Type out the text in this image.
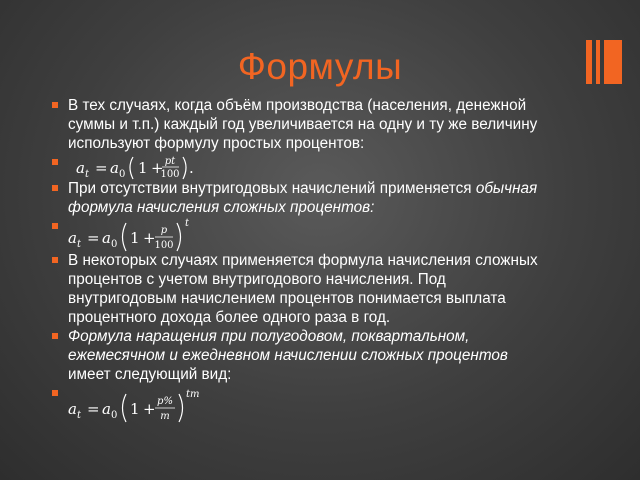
Формулы
В тех случаях, когда объём производства (населения, денежной суммы и т.п.) каждый год увеличивается на одну и ту же величину используют формулу простых процентов:
a t = a 0 1 + pt
100 .
При отсутствии внутригодовых начислений применяется обычная формула начисления сложных процентов:
a t = a 0 1 + p
100
t
В некоторых случаях применяется формула начисления сложных процентов с учетом внутригодового начисления. Под внутригодовым начислением процентов понимается выплата процентного дохода более одного раза в год.
Формула наращения при полугодовом, поквартальном, ежемесячном и ежедневном начислении сложных процентов имеет следующий вид:
a t = a 0 1 + p%
m
tm
